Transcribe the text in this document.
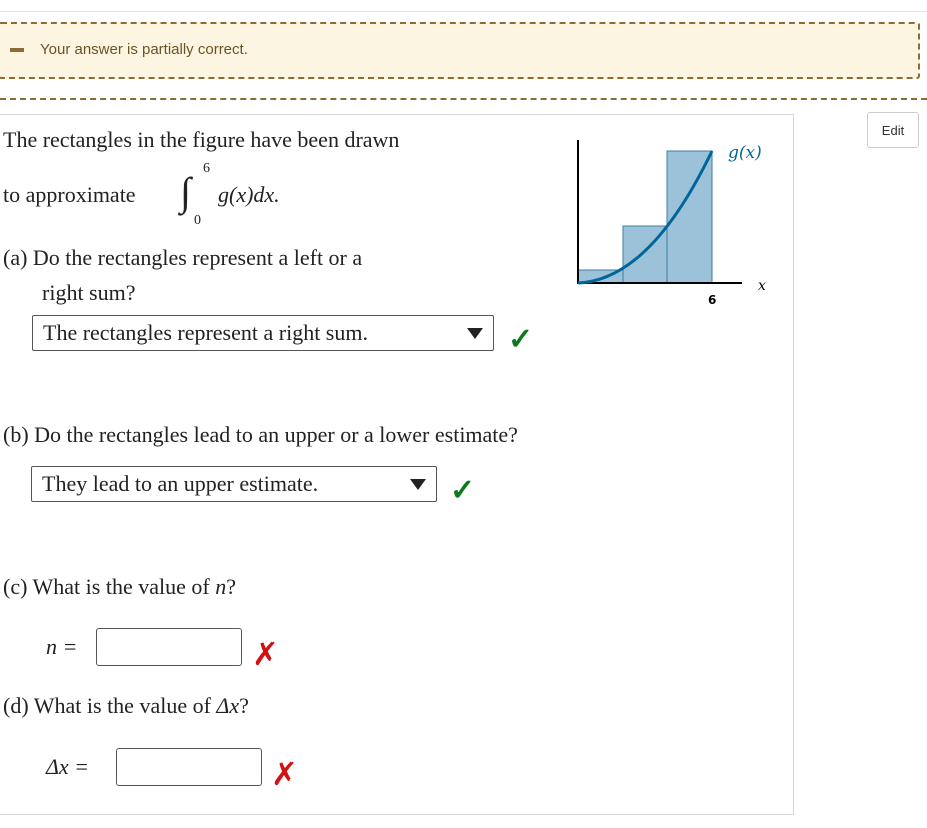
Your answer is partially correct.
Edit
The rectangles in the figure have been drawn
to approximate ∫
6
0
g(x)dx.
g(x)
x
6
(a) Do the rectangles represent a left or a
right sum?
The rectangles represent a right sum.	✓
(b) Do the rectangles lead to an upper or a lower estimate?
They lead to an upper estimate.	✓
(c) What is the value of n?
n =	✗
(d) What is the value of Δx?
Δx =	✗
